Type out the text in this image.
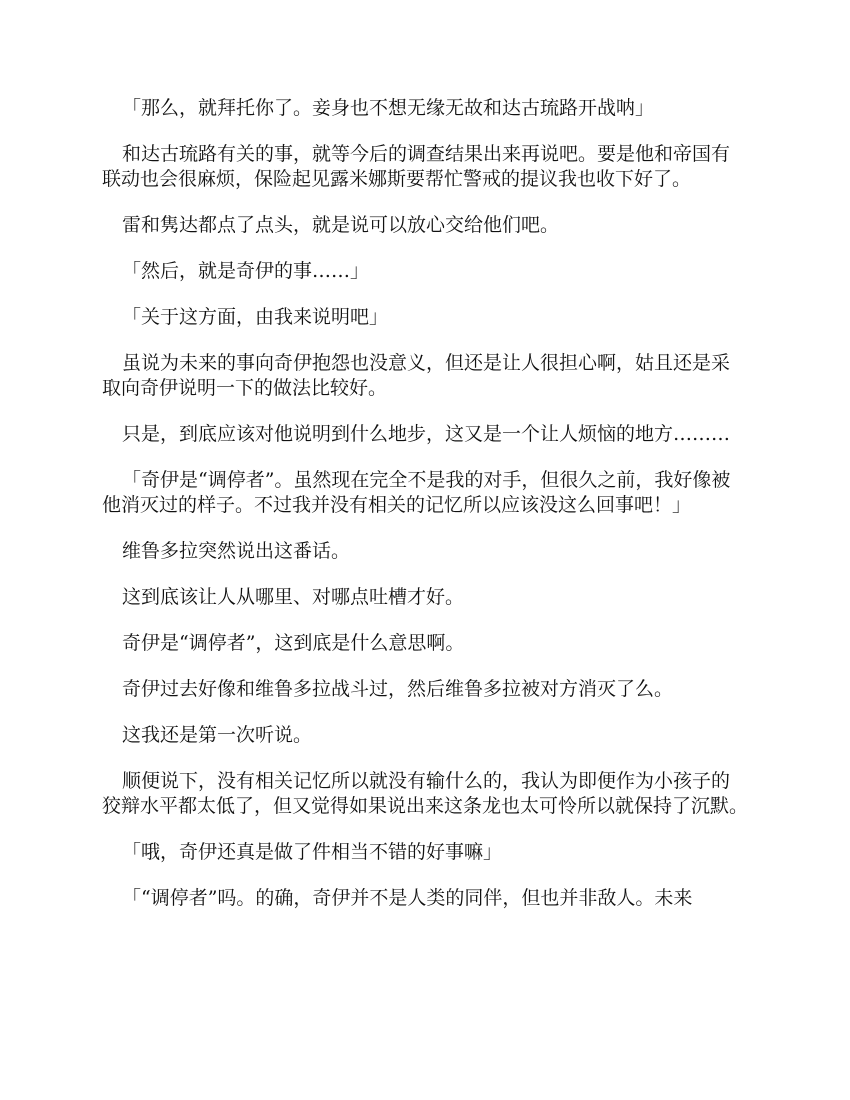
「那么，就拜托你了。妾身也不想无缘无故和达古琉路开战呐」

和达古琉路有关的事，就等今后的调查结果出来再说吧。要是他和帝国有联动也会很麻烦，保险起见露米娜斯要帮忙警戒的提议我也收下好了。

雷和隽达都点了点头，就是说可以放心交给他们吧。

「然后，就是奇伊的事……」

「关于这方面，由我来说明吧」

虽说为未来的事向奇伊抱怨也没意义，但还是让人很担心啊，姑且还是采取向奇伊说明一下的做法比较好。

只是，到底应该对他说明到什么地步，这又是一个让人烦恼的地方………

「奇伊是“调停者”。虽然现在完全不是我的对手，但很久之前，我好像被他消灭过的样子。不过我并没有相关的记忆所以应该没这么回事吧！」

维鲁多拉突然说出这番话。

这到底该让人从哪里、对哪点吐槽才好。

奇伊是“调停者”，这到底是什么意思啊。

奇伊过去好像和维鲁多拉战斗过，然后维鲁多拉被对方消灭了么。

这我还是第一次听说。

顺便说下，没有相关记忆所以就没有输什么的，我认为即便作为小孩子的狡辩水平都太低了，但又觉得如果说出来这条龙也太可怜所以就保持了沉默。

「哦，奇伊还真是做了件相当不错的好事嘛」

「“调停者”吗。的确，奇伊并不是人类的同伴，但也并非敌人。未来
